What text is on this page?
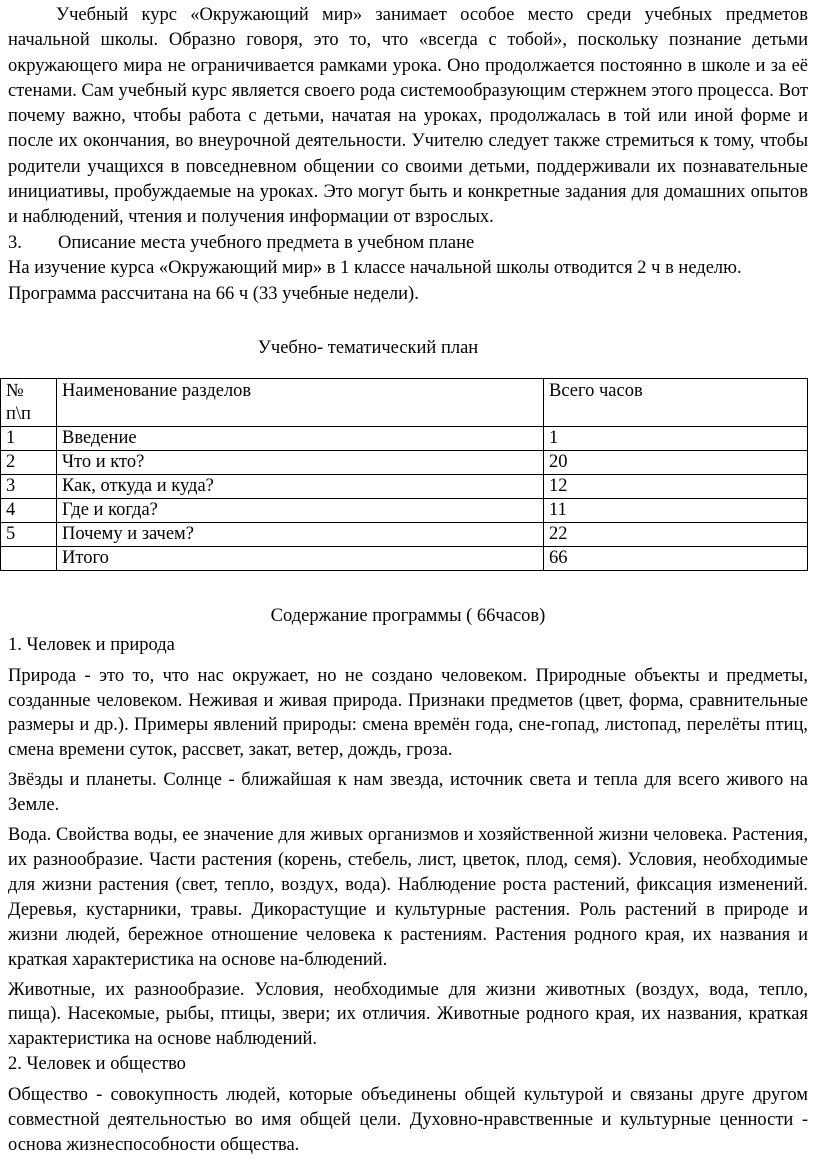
Учебный курс «Окружающий мир» занимает особое место среди учебных предметов начальной школы. Образно говоря, это то, что «всегда с тобой», поскольку познание детьми окружающего мира не ограничивается рамками урока. Оно продолжается постоянно в школе и за её стенами. Сам учебный курс является своего рода системообразующим стержнем этого процесса. Вот почему важно, чтобы работа с детьми, начатая на уроках, продолжалась в той или иной форме и после их окончания, во внеурочной деятельности. Учителю следует также стремиться к тому, чтобы родители учащихся в повседневном общении со своими детьми, поддерживали их познавательные инициативы, пробуждаемые на уроках. Это могут быть и конкретные задания для домашних опытов и наблюдений, чтения и получения информации от взрослых.

3.	Описание места учебного предмета в учебном плане

На изучение курса «Окружающий мир» в 1 классе начальной школы отводится 2 ч в неделю.

Программа рассчитана на 66 ч (33 учебные недели).

Учебно- тематический план
№
п\п	Наименование разделов	Всего часов
1	Введение	1
2	Что и кто?	20
3	Как, откуда и куда?	12
4	Где и когда?	11
5	Почему и зачем?	22
	Итого	66
Содержание программы ( 66часов)

1. Человек и природа

Природа - это то, что нас окружает, но не создано человеком. Природные объекты и предметы, созданные человеком. Неживая и живая природа. Признаки предметов (цвет, форма, сравнительные размеры и др.). Примеры явлений природы: смена времён года, сне-гопад, листопад, перелёты птиц, смена времени суток, рассвет, закат, ветер, дождь, гроза.

Звёзды и планеты. Солнце - ближайшая к нам звезда, источник света и тепла для всего живого на Земле.

Вода. Свойства воды, ее значение для живых организмов и хозяйственной жизни человека. Растения, их разнообразие. Части растения (корень, стебель, лист, цветок, плод, семя). Условия, необходимые для жизни растения (свет, тепло, воздух, вода). Наблюдение роста растений, фиксация изменений. Деревья, кустарники, травы. Дикорастущие и культурные растения. Роль растений в природе и жизни людей, бережное отношение человека к растениям. Растения родного края, их названия и краткая характеристика на основе на-блюдений.

Животные, их разнообразие. Условия, необходимые для жизни животных (воздух, вода, тепло, пища). Насекомые, рыбы, птицы, звери; их отличия. Животные родного края, их названия, краткая характеристика на основе наблюдений.

2. Человек и общество

Общество - совокупность людей, которые объединены общей культурой и связаны друге другом совместной деятельностью во имя общей цели. Духовно-нравственные и культурные ценности - основа жизнеспособности общества.
